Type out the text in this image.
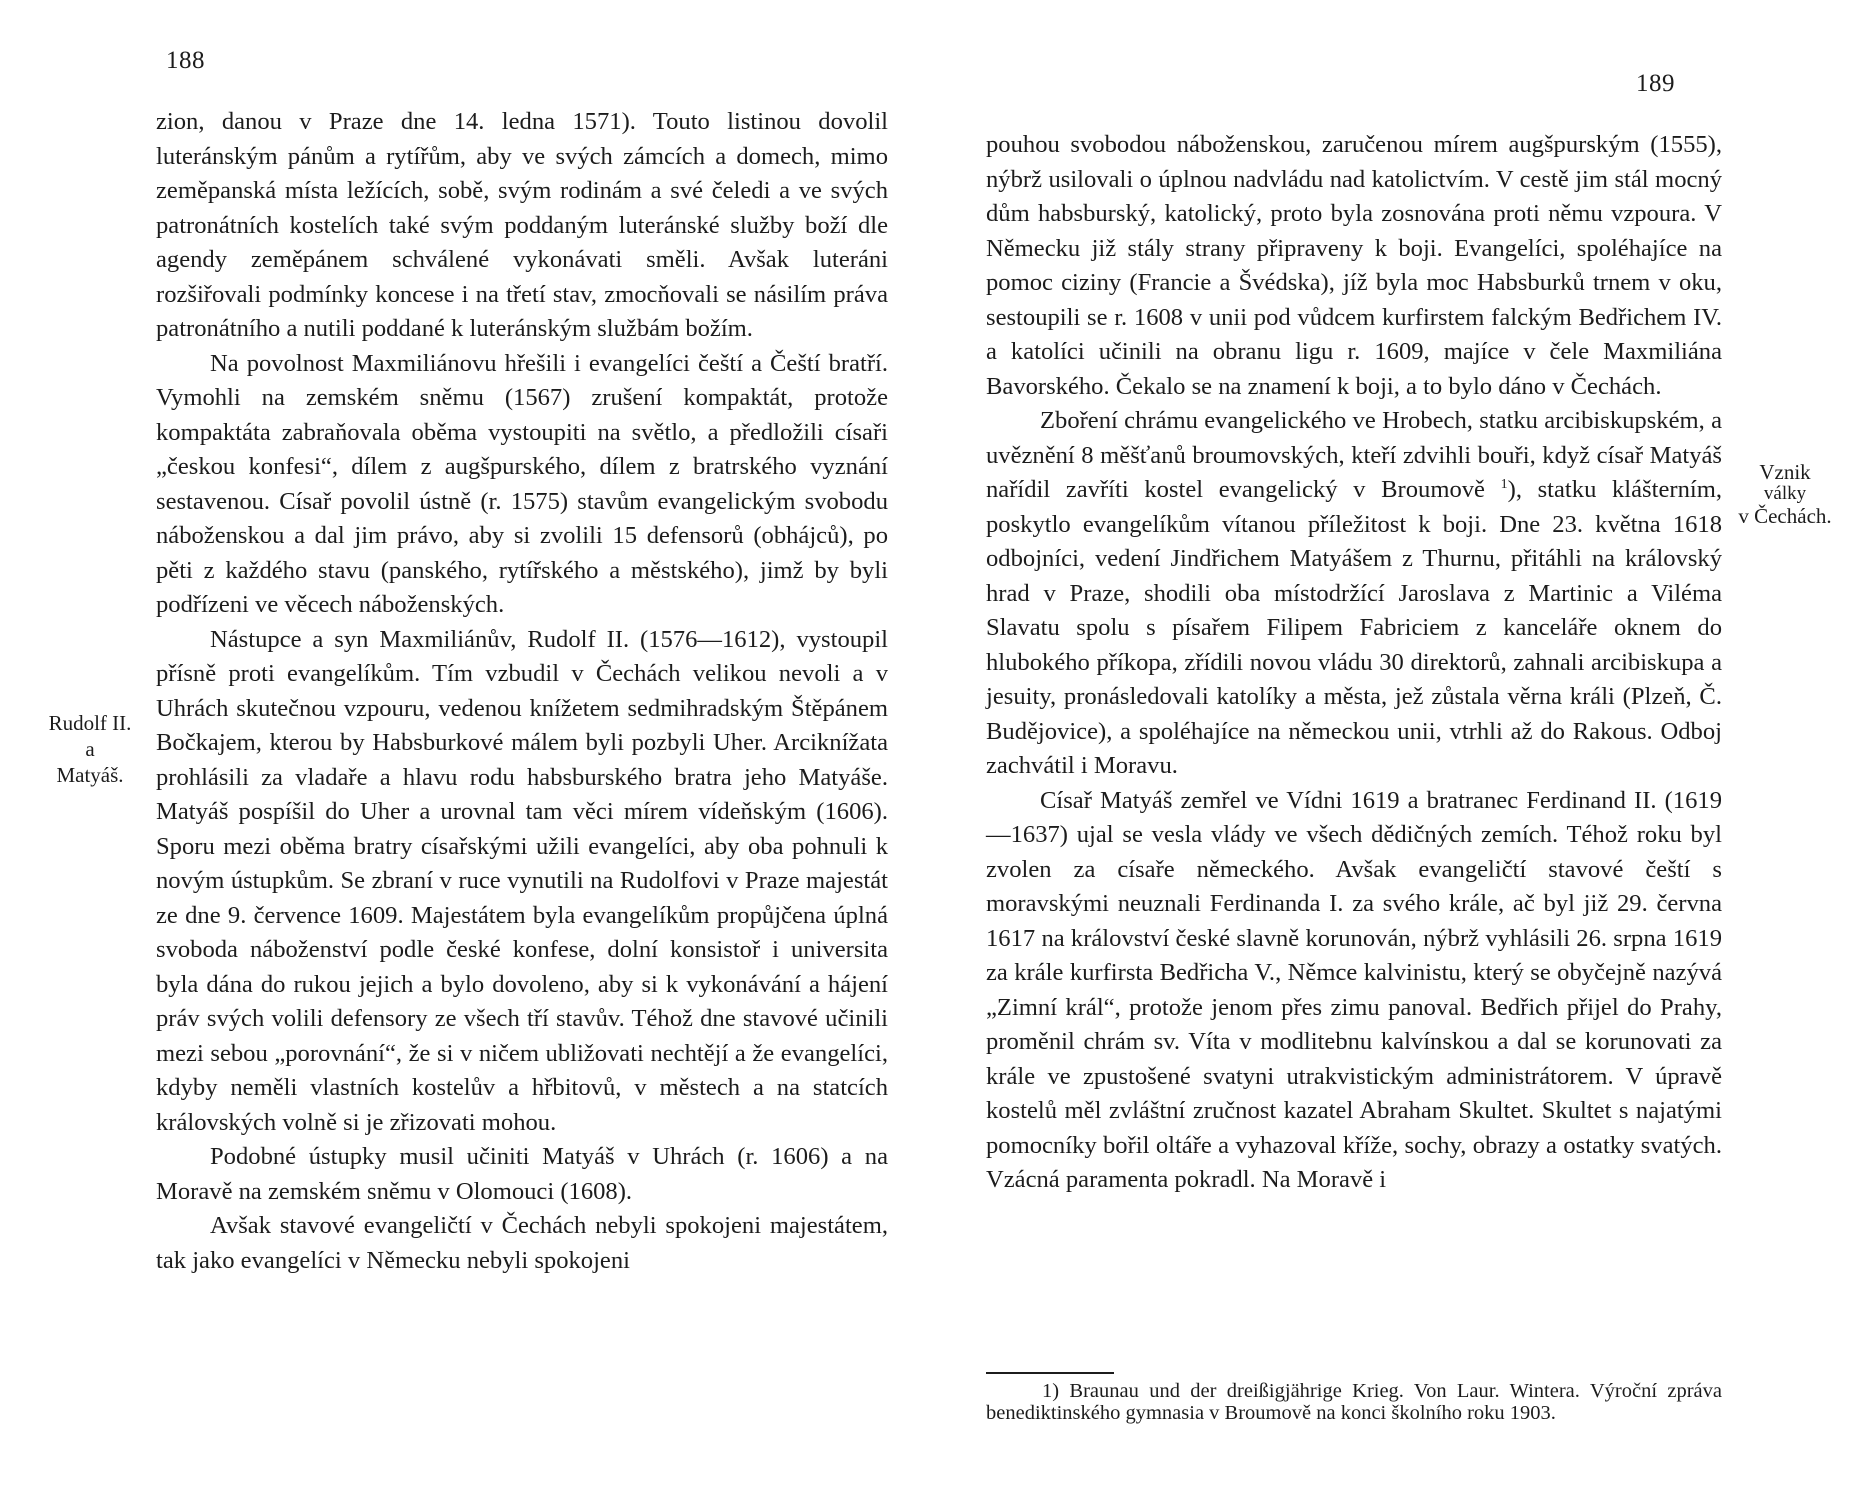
188
189
Rudolf II.
a
Matyáš.

zion, danou v Praze dne 14. ledna 1571). Touto listinou dovolil luteránským pánům a rytířům, aby ve svých zámcích a domech, mimo zeměpanská místa ležících, sobě, svým rodinám a své čeledi a ve svých patronátních kostelích také svým poddaným luteránské služby boží dle agendy zeměpánem schválené vykonávati směli. Avšak luteráni rozšiřovali podmínky koncese i na třetí stav, zmocňovali se násilím práva patronátního a nutili poddané k luteránským službám božím.

Na povolnost Maxmiliánovu hřešili i evangelíci čeští a Čeští bratří. Vymohli na zemském sněmu (1567) zrušení kompaktát, protože kompaktáta zabraňovala oběma vystoupiti na světlo, a předložili císaři „českou konfesi“, dílem z augšpurského, dílem z bratrského vyznání sestavenou. Císař povolil ústně (r. 1575) stavům evangelickým svobodu náboženskou a dal jim právo, aby si zvolili 15 defensorů (obhájců), po pěti z každého stavu (panského, rytířského a městského), jimž by byli podřízeni ve věcech náboženských.

Nástupce a syn Maxmiliánův, Rudolf II. (1576—1612), vystoupil přísně proti evangelíkům. Tím vzbudil v Čechách velikou nevoli a v Uhrách skutečnou vzpouru, vedenou knížetem sedmihradským Štěpánem Bočkajem, kterou by Habsburkové málem byli pozbyli Uher. Arciknížata prohlásili za vladaře a hlavu rodu habsburského bratra jeho Matyáše. Matyáš pospíšil do Uher a urovnal tam věci mírem vídeňským (1606). Sporu mezi oběma bratry císařskými užili evangelíci, aby oba pohnuli k novým ústupkům. Se zbraní v ruce vynutili na Rudolfovi v Praze majestát ze dne 9. července 1609. Majestátem byla evangelíkům propůjčena úplná svoboda náboženství podle české konfese, dolní konsistoř i universita byla dána do rukou jejich a bylo dovoleno, aby si k vykonávání a hájení práv svých volili defensory ze všech tří stavův. Téhož dne stavové učinili mezi sebou „porovnání“, že si v ničem ubližovati nechtějí a že evangelíci, kdyby neměli vlastních kostelův a hřbitovů, v městech a na statcích královských volně si je zřizovati mohou.

Podobné ústupky musil učiniti Matyáš v Uhrách (r. 1606) a na Moravě na zemském sněmu v Olomouci (1608).

Avšak stavové evangeličtí v Čechách nebyli spokojeni majestátem, tak jako evangelíci v Německu nebyli spokojeni

Vznik
války
v Čechách.

pouhou svobodou náboženskou, zaručenou mírem augšpurským (1555), nýbrž usilovali o úplnou nadvládu nad katolictvím. V cestě jim stál mocný dům habsburský, katolický, proto byla zosnována proti němu vzpoura. V Německu již stály strany připraveny k boji. Evangelíci, spoléhajíce na pomoc ciziny (Francie a Švédska), jíž byla moc Habsburků trnem v oku, sestoupili se r. 1608 v unii pod vůdcem kurfirstem falckým Bedřichem IV. a katolíci učinili na obranu ligu r. 1609, majíce v čele Maxmiliána Bavorského. Čekalo se na znamení k boji, a to bylo dáno v Čechách.

Zboření chrámu evangelického ve Hrobech, statku arcibiskupském, a uvěznění 8 měšťanů broumovských, kteří zdvihli bouři, když císař Matyáš nařídil zavříti kostel evangelický v Broumově $^1$), statku klášterním, poskytlo evangelíkům vítanou příležitost k boji. Dne 23. května 1618 odbojníci, vedení Jindřichem Matyášem z Thurnu, přitáhli na královský hrad v Praze, shodili oba místodržící Jaroslava z Martinic a Viléma Slavatu spolu s písařem Filipem Fabriciem z kanceláře oknem do hlubokého příkopa, zřídili novou vládu 30 direktorů, zahnali arcibiskupa a jesuity, pronásledovali katolíky a města, jež zůstala věrna králi (Plzeň, Č. Budějovice), a spoléhajíce na německou unii, vtrhli až do Rakous. Odboj zachvátil i Moravu.

Císař Matyáš zemřel ve Vídni 1619 a bratranec Ferdinand II. (1619—1637) ujal se vesla vlády ve všech dědičných zemích. Téhož roku byl zvolen za císaře německého. Avšak evangeličtí stavové čeští s moravskými neuznali Ferdinanda I. za svého krále, ač byl již 29. června 1617 na království české slavně korunován, nýbrž vyhlásili 26. srpna 1619 za krále kurfirsta Bedřicha V., Němce kalvinistu, který se obyčejně nazývá „Zimní král“, protože jenom přes zimu panoval. Bedřich přijel do Prahy, proměnil chrám sv. Víta v modlitebnu kalvínskou a dal se korunovati za krále ve zpustošené svatyni utrakvistickým administrátorem. V úpravě kostelů měl zvláštní zručnost kazatel Abraham Skultet. Skultet s najatými pomocníky bořil oltáře a vyhazoval kříže, sochy, obrazy a ostatky svatých. Vzácná paramenta pokradl. Na Moravě i

1) Braunau und der dreißigjährige Krieg. Von Laur. Wintera. Výroční zpráva benediktinského gymnasia v Broumově na konci školního roku 1903.
